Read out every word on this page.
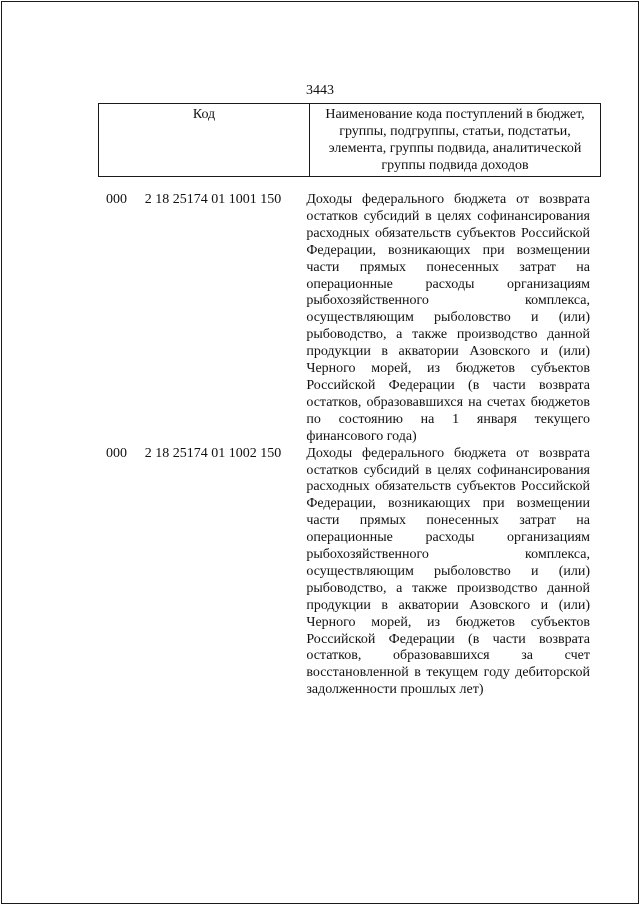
3443
Код	Наименование кода поступлений в бюджет, группы, подгруппы, статьи, подстатьи, элемента, группы подвида, аналитической группы подвида доходов
000	2 18 25174 01 1001 150	Доходы федерального бюджета от возврата остатков субсидий в целях софинансирования расходных обязательств субъектов Российской Федерации, возникающих при возмещении части прямых понесенных затрат на операционные расходы организациям рыбохозяйственного комплекса, осуществляющим рыболовство и (или) рыбоводство, а также производство данной продукции в акватории Азовского и (или) Черного морей, из бюджетов субъектов Российской Федерации (в части возврата остатков, образовавшихся на счетах бюджетов по состоянию на 1 января текущего финансового года)
000	2 18 25174 01 1002 150	Доходы федерального бюджета от возврата остатков субсидий в целях софинансирования расходных обязательств субъектов Российской Федерации, возникающих при возмещении части прямых понесенных затрат на операционные расходы организациям рыбохозяйственного комплекса, осуществляющим рыболовство и (или) рыбоводство, а также производство данной продукции в акватории Азовского и (или) Черного морей, из бюджетов субъектов Российской Федерации (в части возврата остатков, образовавшихся за счет восстановленной в текущем году дебиторской задолженности прошлых лет)
